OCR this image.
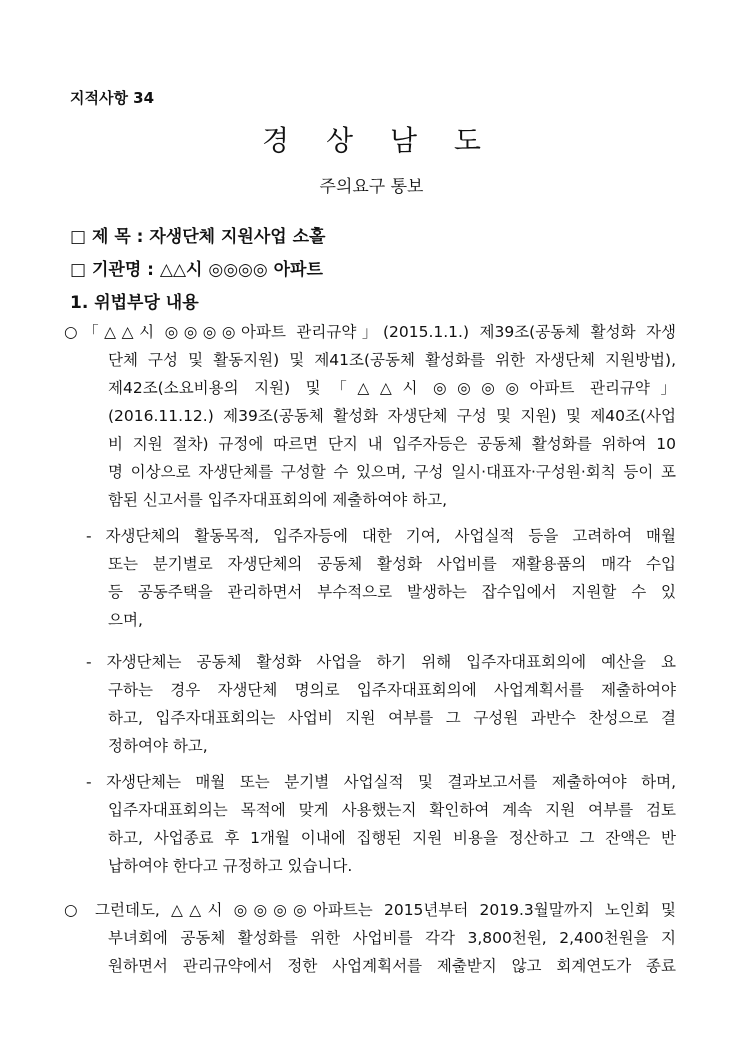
지적사항 34
경 상 남 도
주의요구 통보
□ 제 목 : 자생단체 지원사업 소홀
□ 기관명 : △△시 ◎◎◎◎ 아파트
1. 위법부당 내용
○「△△시 ◎◎◎◎아파트 관리규약」(2015.1.1.) 제39조(공동체 활성화 자생
단체 구성 및 활동지원) 및 제41조(공동체 활성화를 위한 자생단체 지원방법),
제42조(소요비용의 지원) 및「△△시 ◎◎◎◎아파트 관리규약」
(2016.11.12.) 제39조(공동체 활성화 자생단체 구성 및 지원) 및 제40조(사업
비 지원 절차) 규정에 따르면 단지 내 입주자등은 공동체 활성화를 위하여 10
명 이상으로 자생단체를 구성할 수 있으며, 구성 일시·대표자·구성원·회칙 등이 포
함된 신고서를 입주자대표회의에 제출하여야 하고,
- 자생단체의 활동목적, 입주자등에 대한 기여, 사업실적 등을 고려하여 매월
또는 분기별로 자생단체의 공동체 활성화 사업비를 재활용품의 매각 수입
등 공동주택을 관리하면서 부수적으로 발생하는 잡수입에서 지원할 수 있
으며,
- 자생단체는 공동체 활성화 사업을 하기 위해 입주자대표회의에 예산을 요
구하는 경우 자생단체 명의로 입주자대표회의에 사업계획서를 제출하여야
하고, 입주자대표회의는 사업비 지원 여부를 그 구성원 과반수 찬성으로 결
정하여야 하고,
- 자생단체는 매월 또는 분기별 사업실적 및 결과보고서를 제출하여야 하며,
입주자대표회의는 목적에 맞게 사용했는지 확인하여 계속 지원 여부를 검토
하고, 사업종료 후 1개월 이내에 집행된 지원 비용을 정산하고 그 잔액은 반
납하여야 한다고 규정하고 있습니다.
○ 그런데도, △△시 ◎◎◎◎아파트는 2015년부터 2019.3월말까지 노인회 및
부녀회에 공동체 활성화를 위한 사업비를 각각 3,800천원, 2,400천원을 지
원하면서 관리규약에서 정한 사업계획서를 제출받지 않고 회계연도가 종료
